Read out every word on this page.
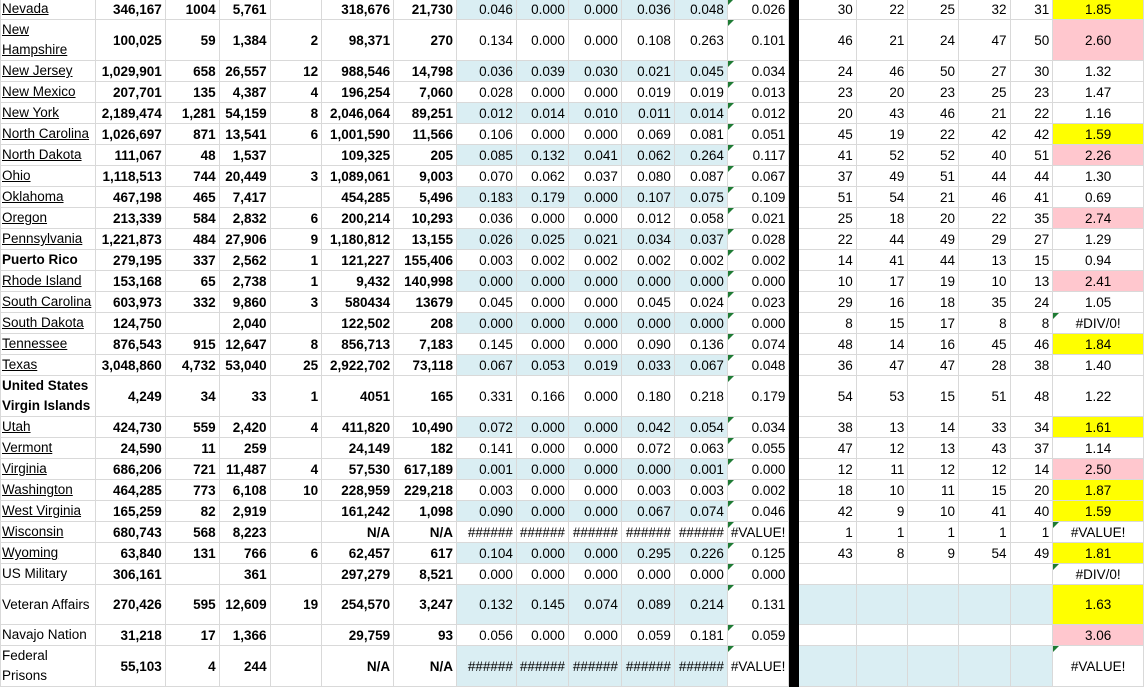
Nevada	346,167	1004	5,761		318,676	21,730	0.046	0.000	0.000	0.036	0.048	0.026		30	22	25	32	31	1.85
New Hampshire	100,025	59	1,384	2	98,371	270	0.134	0.000	0.000	0.108	0.263	0.101		46	21	24	47	50	2.60
New Jersey	1,029,901	658	26,557	12	988,546	14,798	0.036	0.039	0.030	0.021	0.045	0.034		24	46	50	27	30	1.32
New Mexico	207,701	135	4,387	4	196,254	7,060	0.028	0.000	0.000	0.019	0.019	0.013		23	20	23	25	23	1.47
New York	2,189,474	1,281	54,159	8	2,046,064	89,251	0.012	0.014	0.010	0.011	0.014	0.012		20	43	46	21	22	1.16
North Carolina	1,026,697	871	13,541	6	1,001,590	11,566	0.106	0.000	0.000	0.069	0.081	0.051		45	19	22	42	42	1.59
North Dakota	111,067	48	1,537		109,325	205	0.085	0.132	0.041	0.062	0.264	0.117		41	52	52	40	51	2.26
Ohio	1,118,513	744	20,449	3	1,089,061	9,003	0.070	0.062	0.037	0.080	0.087	0.067		37	49	51	44	44	1.30
Oklahoma	467,198	465	7,417		454,285	5,496	0.183	0.179	0.000	0.107	0.075	0.109		51	54	21	46	41	0.69
Oregon	213,339	584	2,832	6	200,214	10,293	0.036	0.000	0.000	0.012	0.058	0.021		25	18	20	22	35	2.74
Pennsylvania	1,221,873	484	27,906	9	1,180,812	13,155	0.026	0.025	0.021	0.034	0.037	0.028		22	44	49	29	27	1.29
Puerto Rico	279,195	337	2,562	1	121,227	155,406	0.003	0.002	0.002	0.002	0.002	0.002		14	41	44	13	15	0.94
Rhode Island	153,168	65	2,738	1	9,432	140,998	0.000	0.000	0.000	0.000	0.000	0.000		10	17	19	10	13	2.41
South Carolina	603,973	332	9,860	3	580434	13679	0.045	0.000	0.000	0.045	0.024	0.023		29	16	18	35	24	1.05
South Dakota	124,750		2,040		122,502	208	0.000	0.000	0.000	0.000	0.000	0.000		8	15	17	8	8	#DIV/0!
Tennessee	876,543	915	12,647	8	856,713	7,183	0.145	0.000	0.000	0.090	0.136	0.074		48	14	16	45	46	1.84
Texas	3,048,860	4,732	53,040	25	2,922,702	73,118	0.067	0.053	0.019	0.033	0.067	0.048		36	47	47	28	38	1.40
United States Virgin Islands	4,249	34	33	1	4051	165	0.331	0.166	0.000	0.180	0.218	0.179		54	53	15	51	48	1.22
Utah	424,730	559	2,420	4	411,820	10,490	0.072	0.000	0.000	0.042	0.054	0.034		38	13	14	33	34	1.61
Vermont	24,590	11	259		24,149	182	0.141	0.000	0.000	0.072	0.063	0.055		47	12	13	43	37	1.14
Virginia	686,206	721	11,487	4	57,530	617,189	0.001	0.000	0.000	0.000	0.001	0.000		12	11	12	12	14	2.50
Washington	464,285	773	6,108	10	228,959	229,218	0.003	0.000	0.000	0.003	0.003	0.002		18	10	11	15	20	1.87
West Virginia	165,259	82	2,919		161,242	1,098	0.090	0.000	0.000	0.067	0.074	0.046		42	9	10	41	40	1.59
Wisconsin	680,743	568	8,223		N/A	N/A	######	######	######	######	######	#VALUE!		1	1	1	1	1	#VALUE!
Wyoming	63,840	131	766	6	62,457	617	0.104	0.000	0.000	0.295	0.226	0.125		43	8	9	54	49	1.81
US Military	306,161		361		297,279	8,521	0.000	0.000	0.000	0.000	0.000	0.000							#DIV/0!
Veteran Affairs	270,426	595	12,609	19	254,570	3,247	0.132	0.145	0.074	0.089	0.214	0.131							1.63
Navajo Nation	31,218	17	1,366		29,759	93	0.056	0.000	0.000	0.059	0.181	0.059							3.06
Federal Prisons	55,103	4	244		N/A	N/A	######	######	######	######	######	#VALUE!							#VALUE!
